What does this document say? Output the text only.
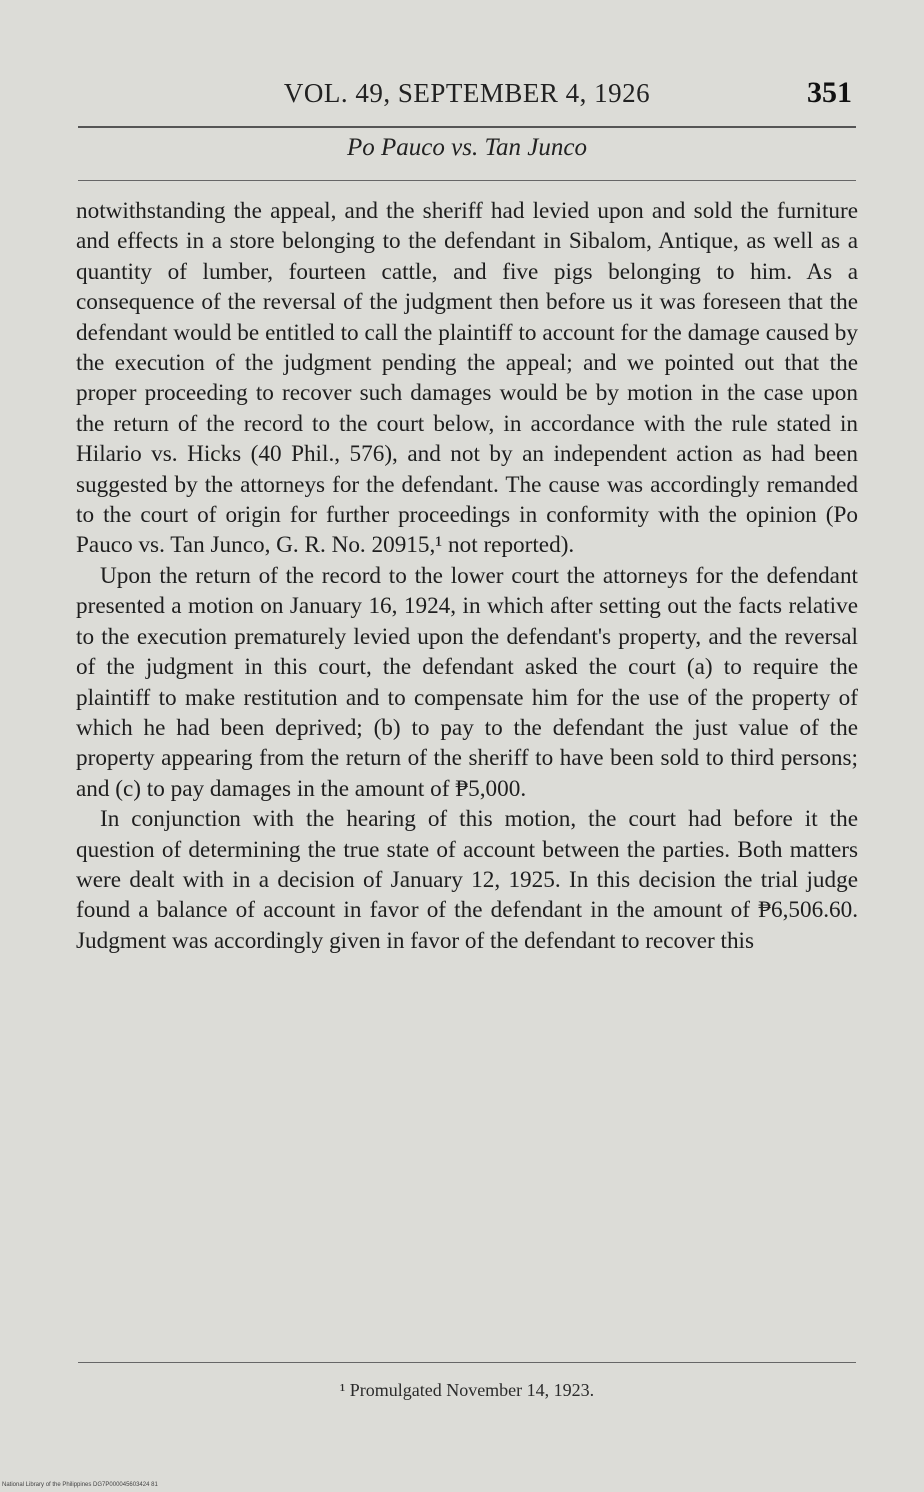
VOL. 49, SEPTEMBER 4, 1926	351
Po Pauco vs. Tan Junco

notwithstanding the appeal, and the sheriff had levied upon and sold the furniture and effects in a store belonging to the defendant in Sibalom, Antique, as well as a quantity of lumber, fourteen cattle, and five pigs belonging to him. As a consequence of the reversal of the judgment then before us it was foreseen that the defendant would be entitled to call the plaintiff to account for the damage caused by the execution of the judgment pending the appeal; and we pointed out that the proper proceeding to recover such damages would be by motion in the case upon the return of the record to the court below, in accordance with the rule stated in Hilario vs. Hicks (40 Phil., 576), and not by an independent action as had been suggested by the attorneys for the defendant. The cause was accordingly remanded to the court of origin for further proceedings in conformity with the opinion (Po Pauco vs. Tan Junco, G. R. No. 20915,¹ not reported).

Upon the return of the record to the lower court the attorneys for the defendant presented a motion on January 16, 1924, in which after setting out the facts relative to the execution prematurely levied upon the defendant's property, and the reversal of the judgment in this court, the defendant asked the court (a) to require the plaintiff to make restitution and to compensate him for the use of the property of which he had been deprived; (b) to pay to the defendant the just value of the property appearing from the return of the sheriff to have been sold to third persons; and (c) to pay damages in the amount of ₱5,000.

In conjunction with the hearing of this motion, the court had before it the question of determining the true state of account between the parties. Both matters were dealt with in a decision of January 12, 1925. In this decision the trial judge found a balance of account in favor of the defendant in the amount of ₱6,506.60. Judgment was accordingly given in favor of the defendant to recover this

¹ Promulgated November 14, 1923.
National Library of the Philippines DG7P000045603424 81
